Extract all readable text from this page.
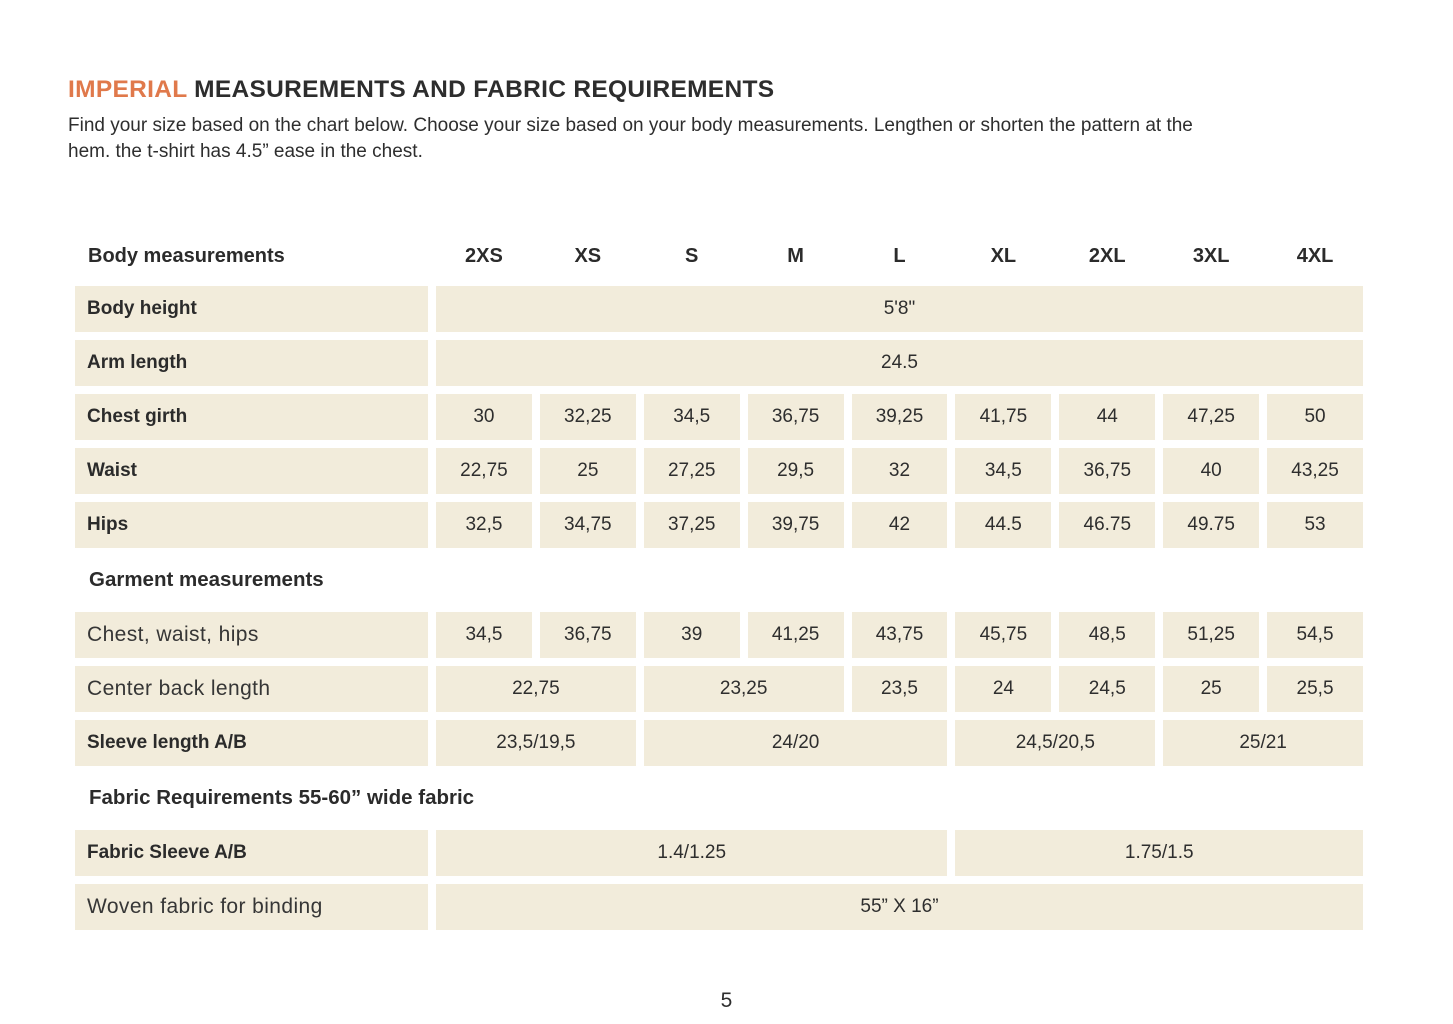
IMPERIAL MEASUREMENTS AND FABRIC REQUIREMENTS

Find your size based on the chart below. Choose your size based on your body measurements. Lengthen or shorten the pattern at the
hem. the t-shirt has 4.5” ease in the chest.

Body measurements	2XS	XS	S	M	L	XL	2XL	3XL	4XL
Body height	5'8"
Arm length	24.5
Chest girth	30	32,25	34,5	36,75	39,25	41,75	44	47,25	50
Waist	22,75	25	27,25	29,5	32	34,5	36,75	40	43,25
Hips	32,5	34,75	37,25	39,75	42	44.5	46.75	49.75	53
Garment measurements
Chest, waist, hips	34,5	36,75	39	41,25	43,75	45,75	48,5	51,25	54,5
Center back length	22,75	23,25	23,5	24	24,5	25	25,5
Sleeve length A/B	23,5/19,5	24/20	24,5/20,5	25/21
Fabric Requirements 55-60” wide fabric
Fabric Sleeve A/B	1.4/1.25	1.75/1.5
Woven fabric for binding	55” X 16”
5
